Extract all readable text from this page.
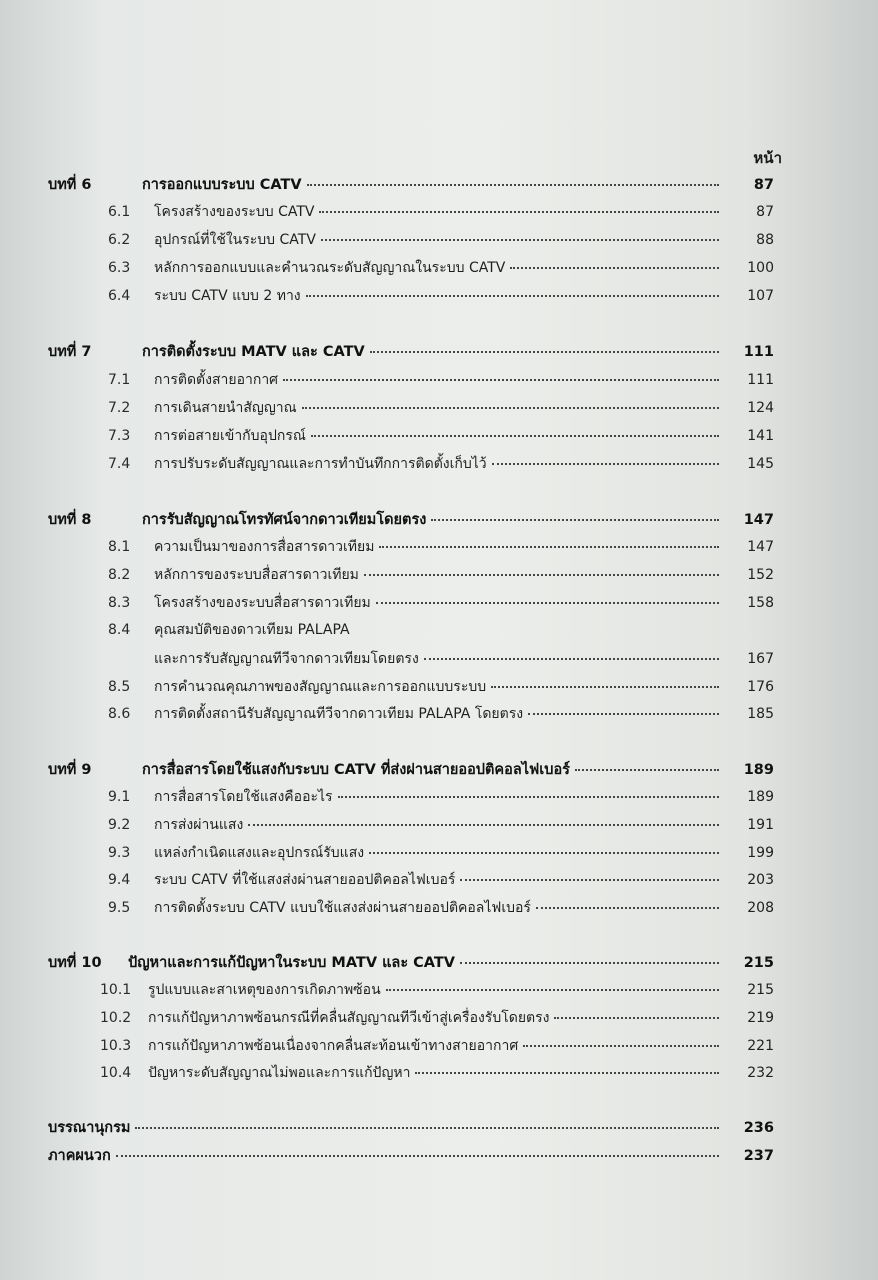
หน้า
บทที่ 6	การออกแบบระบบ CATV	87
6.1	โครงสร้างของระบบ CATV	87
6.2	อุปกรณ์ที่ใช้ในระบบ CATV	88
6.3	หลักการออกแบบและคำนวณระดับสัญญาณในระบบ CATV	100
6.4	ระบบ CATV แบบ 2 ทาง	107
บทที่ 7	การติดตั้งระบบ MATV และ CATV	111
7.1	การติดตั้งสายอากาศ	111
7.2	การเดินสายนำสัญญาณ	124
7.3	การต่อสายเข้ากับอุปกรณ์	141
7.4	การปรับระดับสัญญาณและการทำบันทึกการติดตั้งเก็บไว้	145
บทที่ 8	การรับสัญญาณโทรทัศน์จากดาวเทียมโดยตรง	147
8.1	ความเป็นมาของการสื่อสารดาวเทียม	147
8.2	หลักการของระบบสื่อสารดาวเทียม	152
8.3	โครงสร้างของระบบสื่อสารดาวเทียม	158
8.4	คุณสมบัติของดาวเทียม PALAPA
และการรับสัญญาณทีวีจากดาวเทียมโดยตรง	167
8.5	การคำนวณคุณภาพของสัญญาณและการออกแบบระบบ	176
8.6	การติดตั้งสถานีรับสัญญาณทีวีจากดาวเทียม PALAPA โดยตรง	185
บทที่ 9	การสื่อสารโดยใช้แสงกับระบบ CATV ที่ส่งผ่านสายออปติคอลไฟเบอร์	189
9.1	การสื่อสารโดยใช้แสงคืออะไร	189
9.2	การส่งผ่านแสง	191
9.3	แหล่งกำเนิดแสงและอุปกรณ์รับแสง	199
9.4	ระบบ CATV ที่ใช้แสงส่งผ่านสายออปติคอลไฟเบอร์	203
9.5	การติดตั้งระบบ CATV แบบใช้แสงส่งผ่านสายออปติคอลไฟเบอร์	208
บทที่ 10	ปัญหาและการแก้ปัญหาในระบบ MATV และ CATV	215
10.1	รูปแบบและสาเหตุของการเกิดภาพซ้อน	215
10.2	การแก้ปัญหาภาพซ้อนกรณีที่คลื่นสัญญาณทีวีเข้าสู่เครื่องรับโดยตรง	219
10.3	การแก้ปัญหาภาพซ้อนเนื่องจากคลื่นสะท้อนเข้าทางสายอากาศ	221
10.4	ปัญหาระดับสัญญาณไม่พอและการแก้ปัญหา	232
บรรณานุกรม	236
ภาคผนวก	237
